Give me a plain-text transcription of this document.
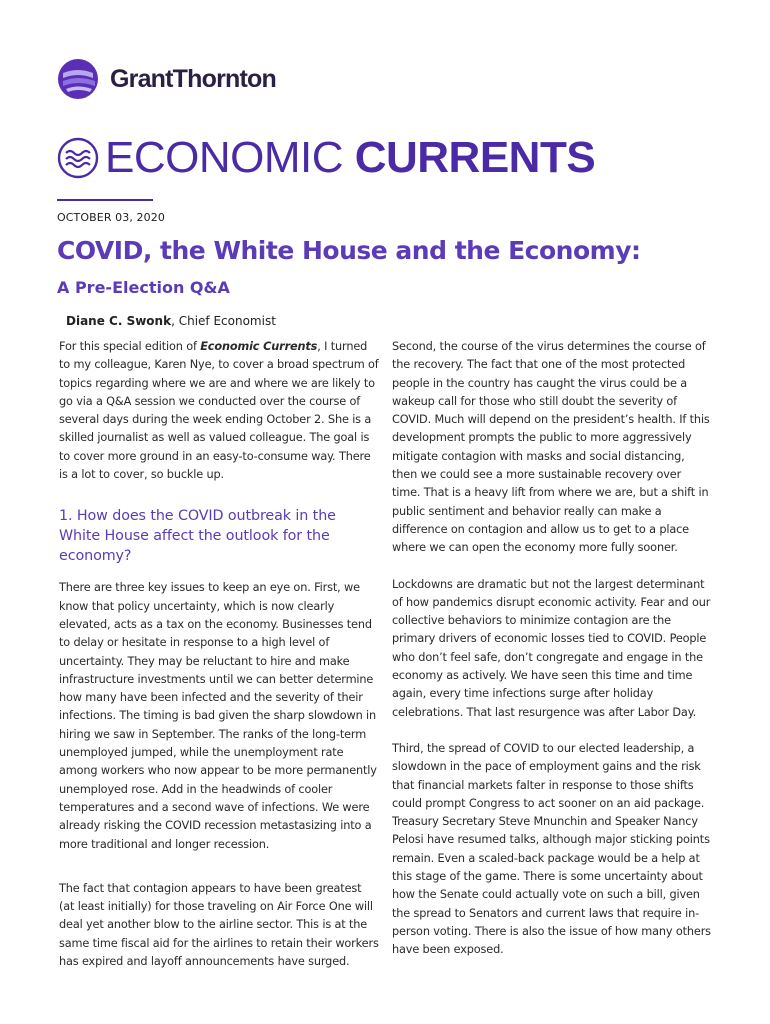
GrantThornton
ECONOMIC CURRENTS
OCTOBER 03, 2020
COVID, the White House and the Economy:
A Pre-Election Q&A
Diane C. Swonk, Chief Economist

For this special edition of Economic Currents, I turned to my colleague, Karen Nye, to cover a broad spectrum of topics regarding where we are and where we are likely to go via a Q&A session we conducted over the course of several days during the week ending October 2. She is a skilled journalist as well as valued colleague. The goal is to cover more ground in an easy-to-consume way. There is a lot to cover, so buckle up.

1. How does the COVID outbreak in the White House affect the outlook for the economy?

There are three key issues to keep an eye on. First, we know that policy uncertainty, which is now clearly elevated, acts as a tax on the economy. Businesses tend to delay or hesitate in response to a high level of uncertainty. They may be reluctant to hire and make infrastructure investments until we can better determine how many have been infected and the severity of their infections. The timing is bad given the sharp slowdown in hiring we saw in September. The ranks of the long-term unemployed jumped, while the unemployment rate among workers who now appear to be more permanently unemployed rose. Add in the headwinds of cooler temperatures and a second wave of infections. We were already risking the COVID recession metastasizing into a more traditional and longer recession.

The fact that contagion appears to have been greatest (at least initially) for those traveling on Air Force One will deal yet another blow to the airline sector. This is at the same time fiscal aid for the airlines to retain their workers has expired and layoff announcements have surged.

Second, the course of the virus determines the course of the recovery. The fact that one of the most protected people in the country has caught the virus could be a wakeup call for those who still doubt the severity of COVID. Much will depend on the president’s health. If this development prompts the public to more aggressively mitigate contagion with masks and social distancing, then we could see a more sustainable recovery over time. That is a heavy lift from where we are, but a shift in public sentiment and behavior really can make a difference on contagion and allow us to get to a place where we can open the economy more fully sooner.

Lockdowns are dramatic but not the largest determinant of how pandemics disrupt economic activity. Fear and our collective behaviors to minimize contagion are the primary drivers of economic losses tied to COVID. People who don’t feel safe, don’t congregate and engage in the economy as actively. We have seen this time and time again, every time infections surge after holiday celebrations. That last resurgence was after Labor Day.

Third, the spread of COVID to our elected leadership, a slowdown in the pace of employment gains and the risk that financial markets falter in response to those shifts could prompt Congress to act sooner on an aid package. Treasury Secretary Steve Mnunchin and Speaker Nancy Pelosi have resumed talks, although major sticking points remain. Even a scaled-back package would be a help at this stage of the game. There is some uncertainty about how the Senate could actually vote on such a bill, given the spread to Senators and current laws that require in-person voting. There is also the issue of how many others have been exposed.
